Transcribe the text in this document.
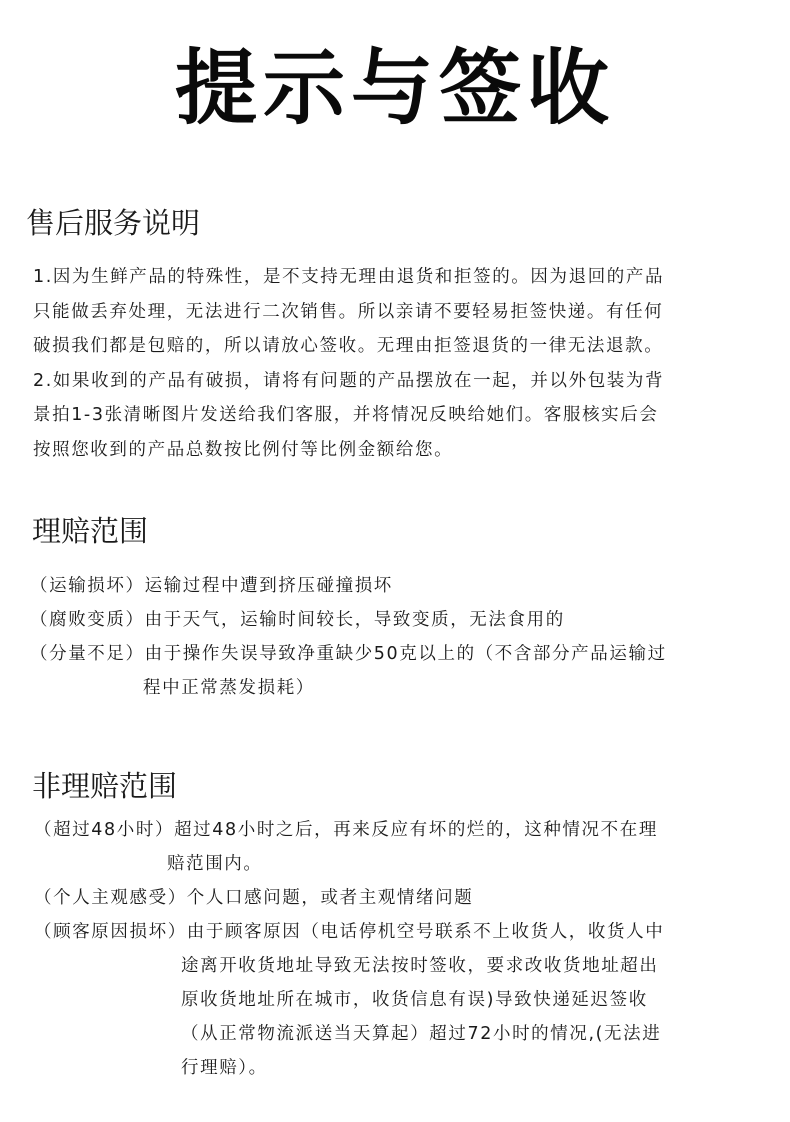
提示与签收
售后服务说明
1.因为生鲜产品的特殊性，是不支持无理由退货和拒签的。因为退回的产品
只能做丢弃处理，无法进行二次销售。所以亲请不要轻易拒签快递。有任何
破损我们都是包赔的，所以请放心签收。无理由拒签退货的一律无法退款。
2.如果收到的产品有破损，请将有问题的产品摆放在一起，并以外包装为背
景拍1-3张清晰图片发送给我们客服，并将情况反映给她们。客服核实后会
按照您收到的产品总数按比例付等比例金额给您。
理赔范围
（运输损坏）运输过程中遭到挤压碰撞损坏
（腐败变质）由于天气，运输时间较长，导致变质，无法食用的
（分量不足）由于操作失误导致净重缺少50克以上的（不含部分产品运输过
程中正常蒸发损耗）
非理赔范围
（超过48小时）超过48小时之后，再来反应有坏的烂的，这种情况不在理
赔范围内。
（个人主观感受）个人口感问题，或者主观情绪问题
（顾客原因损坏）由于顾客原因（电话停机空号联系不上收货人，收货人中
途离开收货地址导致无法按时签收，要求改收货地址超出
原收货地址所在城市，收货信息有误)导致快递延迟签收
（从正常物流派送当天算起）超过72小时的情况,(无法进
行理赔）。
